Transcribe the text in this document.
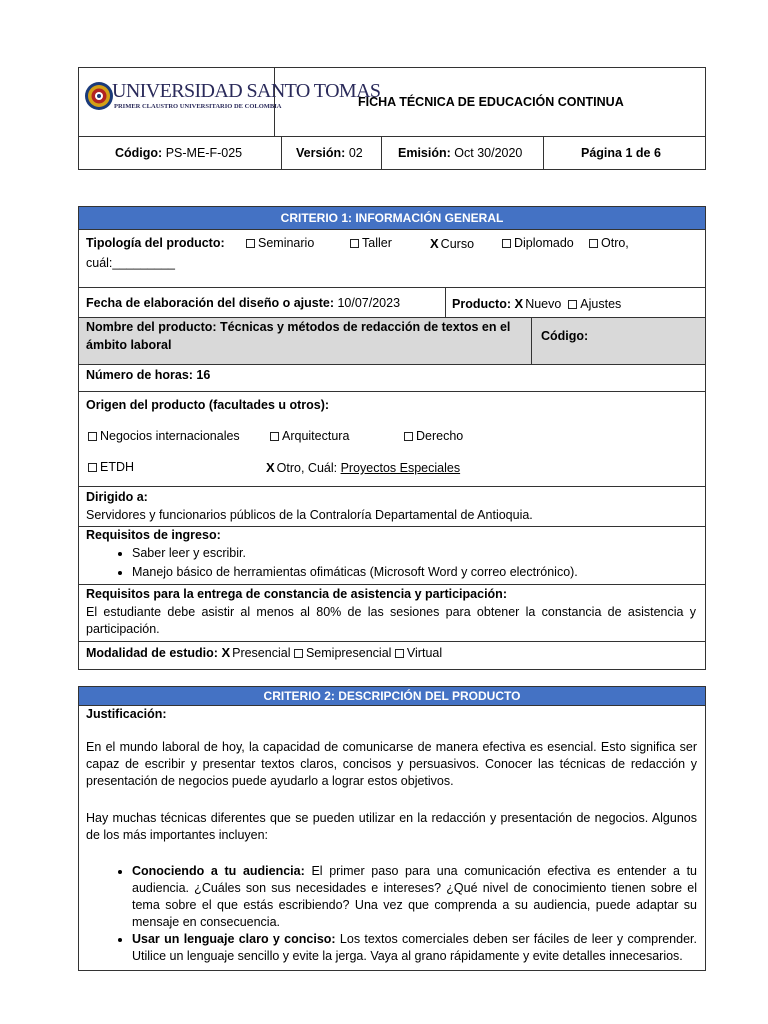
UNIVERSIDAD SANTO TOMAS
PRIMER CLAUSTRO UNIVERSITARIO DE COLOMBIA	FICHA TÉCNICA DE EDUCACIÓN CONTINUA
Código: PS-ME-F-025	Versión: 02	Emisión: Oct 30/2020	Página 1 de 6
CRITERIO 1: INFORMACIÓN GENERAL
Tipología del producto:	Seminario	Taller	X Curso	Diplomado	Otro,
cuál:_________
Fecha de elaboración del diseño o ajuste: 10/07/2023	Producto: X Nuevo Ajustes
Nombre del producto: Técnicas y métodos de redacción de textos en el
ámbito laboral
Código:
Número de horas: 16
Origen del producto (facultades u otros):
Negocios internacionales	Arquitectura	Derecho
ETDH	X Otro, Cuál: Proyectos Especiales
Dirigido a:
Servidores y funcionarios públicos de la Contraloría Departamental de Antioquia.
Requisitos de ingreso:
• Saber leer y escribir.
• Manejo básico de herramientas ofimáticas (Microsoft Word y correo electrónico).
Requisitos para la entrega de constancia de asistencia y participación:
El estudiante debe asistir al menos al 80% de las sesiones para obtener la constancia de asistencia y participación.
Modalidad de estudio: X Presencial Semipresencial Virtual
CRITERIO 2: DESCRIPCIÓN DEL PRODUCTO
Justificación:
En el mundo laboral de hoy, la capacidad de comunicarse de manera efectiva es esencial. Esto significa ser capaz de escribir y presentar textos claros, concisos y persuasivos. Conocer las técnicas de redacción y presentación de negocios puede ayudarlo a lograr estos objetivos.
Hay muchas técnicas diferentes que se pueden utilizar en la redacción y presentación de negocios. Algunos de los más importantes incluyen:
• Conociendo a tu audiencia: El primer paso para una comunicación efectiva es entender a tu audiencia. ¿Cuáles son sus necesidades e intereses? ¿Qué nivel de conocimiento tienen sobre el tema sobre el que estás escribiendo? Una vez que comprenda a su audiencia, puede adaptar su mensaje en consecuencia.
• Usar un lenguaje claro y conciso: Los textos comerciales deben ser fáciles de leer y comprender. Utilice un lenguaje sencillo y evite la jerga. Vaya al grano rápidamente y evite detalles innecesarios.
